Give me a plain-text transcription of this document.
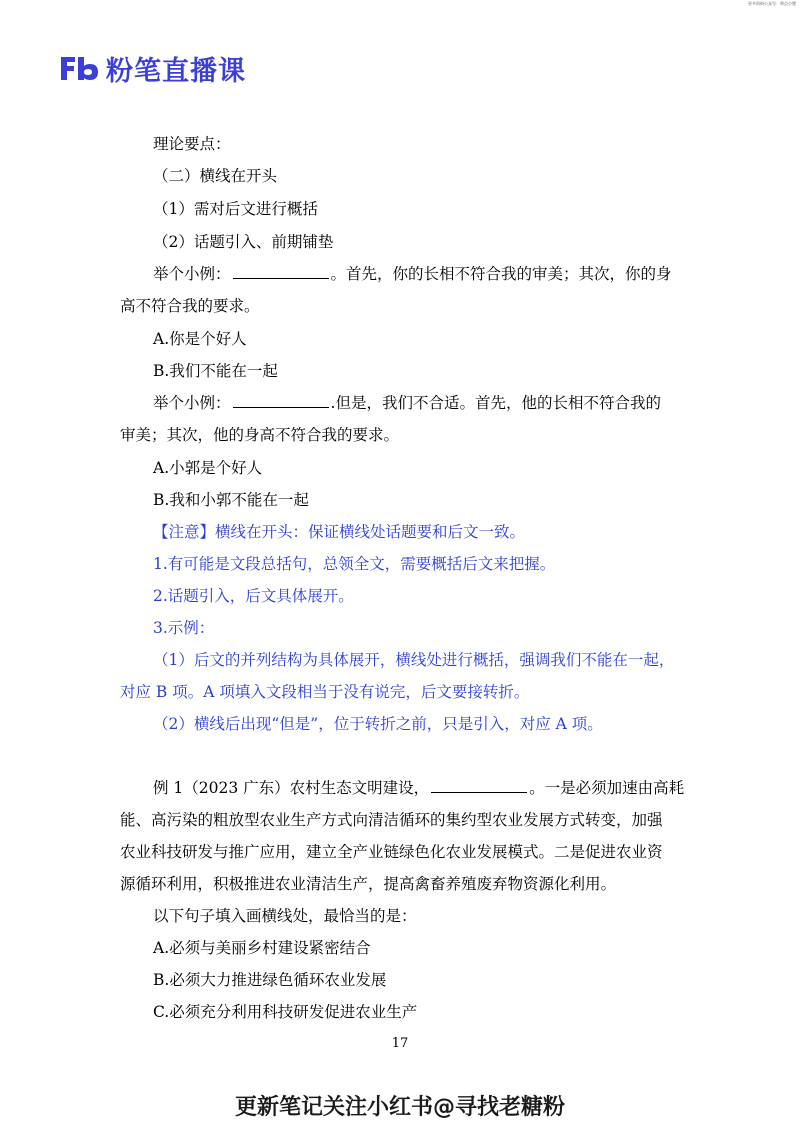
更多资料公众号：带点小猪
粉笔直播课
理论要点：
（二）横线在开头
（1）需对后文进行概括
（2）话题引入、前期铺垫
举个小例：	。首先，你的长相不符合我的审美；其次，你的身
高不符合我的要求。
A.你是个好人
B.我们不能在一起
举个小例：	.但是，我们不合适。首先，他的长相不符合我的
审美；其次，他的身高不符合我的要求。
A.小郭是个好人
B.我和小郭不能在一起
【注意】横线在开头：保证横线处话题要和后文一致。
1.有可能是文段总括句，总领全文，需要概括后文来把握。
2.话题引入，后文具体展开。
3.示例：
（1）后文的并列结构为具体展开，横线处进行概括，强调我们不能在一起，
对应 B 项。A 项填入文段相当于没有说完，后文要接转折。
（2）横线后出现“但是”，位于转折之前，只是引入，对应 A 项。
例 1（2023 广东）农村生态文明建设，	。一是必须加速由高耗
能、高污染的粗放型农业生产方式向清洁循环的集约型农业发展方式转变，加强
农业科技研发与推广应用，建立全产业链绿色化农业发展模式。二是促进农业资
源循环利用，积极推进农业清洁生产，提高禽畜养殖废弃物资源化利用。
以下句子填入画横线处，最恰当的是：
A.必须与美丽乡村建设紧密结合
B.必须大力推进绿色循环农业发展
C.必须充分利用科技研发促进农业生产
17
更新笔记关注小红书@寻找老糖粉
